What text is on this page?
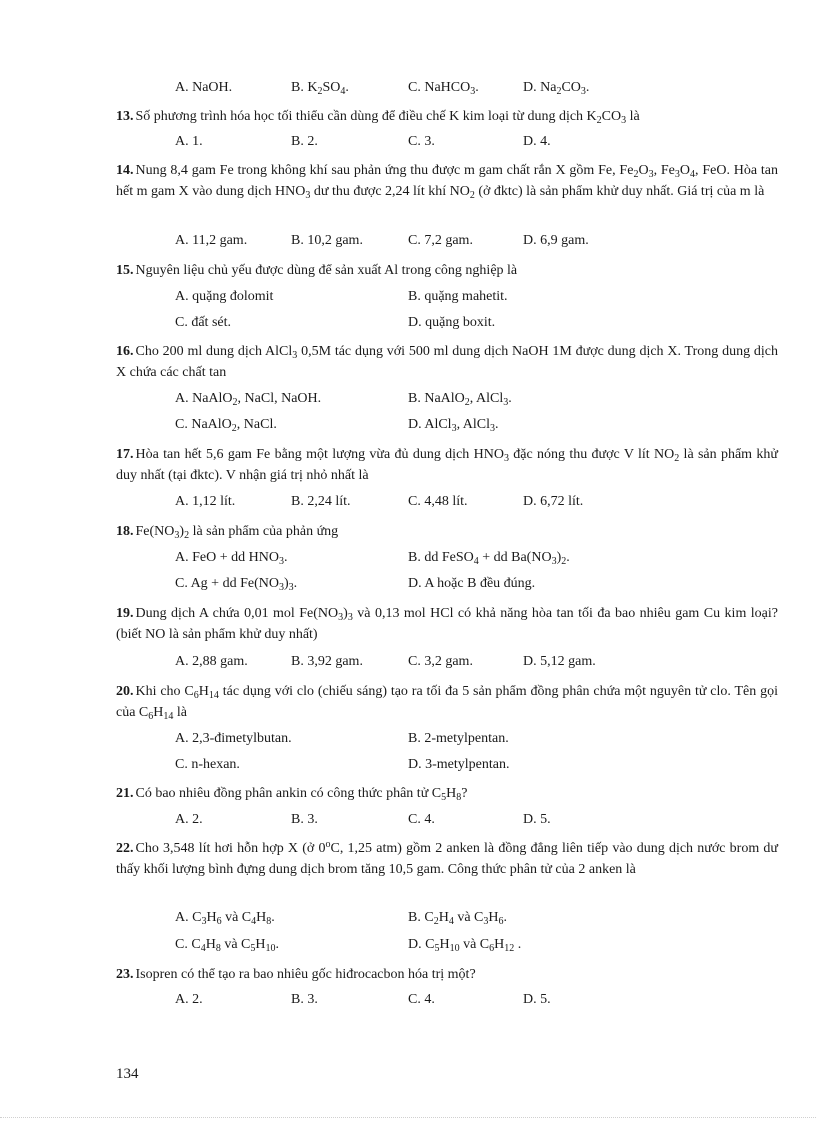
A. NaOH.	B. $K_2SO_4$.	C. NaHCO$_3$.	D. $Na_2CO_3$.
13. Số phương trình hóa học tối thiểu cần dùng để điều chế K kim loại từ dung dịch $K_2CO_3$ là
A. 1.	B. 2.	C. 3.	D. 4.
14. Nung 8,4 gam Fe trong không khí sau phản ứng thu được m gam chất rắn X gồm Fe, $Fe_2O_3$, $Fe_3O_4$, FeO. Hòa tan hết m gam X vào dung dịch $HNO_3$ dư thu được 2,24 lít khí $NO_2$ (ở đktc) là sản phẩm khử duy nhất. Giá trị của m là
A. 11,2 gam.	B. 10,2 gam.	C. 7,2 gam.	D. 6,9 gam.
15. Nguyên liệu chủ yếu được dùng để sản xuất Al trong công nghiệp là
A. quặng đolomit	B. quặng mahetit.
C. đất sét.	D. quặng boxit.
16. Cho 200 ml dung dịch AlCl$_3$ 0,5M tác dụng với 500 ml dung dịch NaOH 1M được dung dịch X. Trong dung dịch X chứa các chất tan
A. NaAlO$_2$, NaCl, NaOH.	B. NaAlO$_2$, AlCl$_3$.
C. NaAlO$_2$, NaCl.	D. AlCl$_3$, AlCl$_3$.
17. Hòa tan hết 5,6 gam Fe bằng một lượng vừa đủ dung dịch $HNO_3$ đặc nóng thu được V lít $NO_2$ là sản phẩm khử duy nhất (tại đktc). V nhận giá trị nhỏ nhất là
A. 1,12 lít.	B. 2,24 lít.	C. 4,48 lít.	D. 6,72 lít.
18. $Fe(NO_3)_2$ là sản phẩm của phản ứng
A. FeO + dd $HNO_3$.	B. dd FeSO$_4$ + dd $Ba(NO_3)_2$.
C. Ag + dd $Fe(NO_3)_3$.	D. A hoặc B đều đúng.
19. Dung dịch A chứa 0,01 mol $Fe(NO_3)_3$ và 0,13 mol HCl có khả năng hòa tan tối đa bao nhiêu gam Cu kim loại? (biết NO là sản phẩm khử duy nhất)
A. 2,88 gam.	B. 3,92 gam.	C. 3,2 gam.	D. 5,12 gam.
20. Khi cho $C_6H_{14}$ tác dụng với clo (chiếu sáng) tạo ra tối đa 5 sản phẩm đồng phân chứa một nguyên tử clo. Tên gọi của $C_6H_{14}$ là
A. 2,3-đimetylbutan.	B. 2-metylpentan.
C. n-hexan.	D. 3-metylpentan.
21. Có bao nhiêu đồng phân ankin có công thức phân tử $C_5H_8$?
A. 2.	B. 3.	C. 4.	D. 5.
22. Cho 3,548 lít hơi hỗn hợp X (ở 0$^o$C, 1,25 atm) gồm 2 anken là đồng đẳng liên tiếp vào dung dịch nước brom dư thấy khối lượng bình đựng dung dịch brom tăng 10,5 gam. Công thức phân tử của 2 anken là
A. $C_3H_6$ và $C_4H_8$.	B. $C_2H_4$ và $C_3H_6$.
C. $C_4H_8$ và $C_5H_{10}$.	D. $C_5H_{10}$ và $C_6H_{12}$ .
23. Isopren có thể tạo ra bao nhiêu gốc hiđrocacbon hóa trị một?
A. 2.	B. 3.	C. 4.	D. 5.
134
